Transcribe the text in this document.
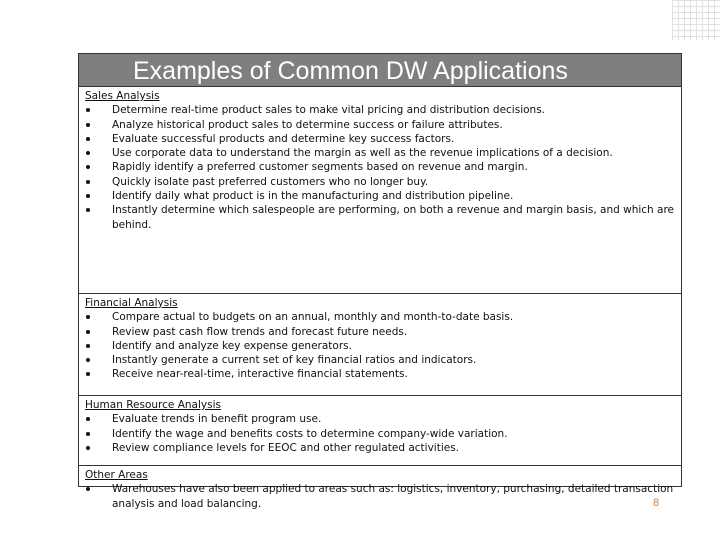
Examples of Common DW Applications
Sales Analysis
Determine real-time product sales to make vital pricing and distribution decisions.
Analyze historical product sales to determine success or failure attributes.
Evaluate successful products and determine key success factors.
Use corporate data to understand the margin as well as the revenue implications of a decision.
Rapidly identify a preferred customer segments based on revenue and margin.
Quickly isolate past preferred customers who no longer buy.
Identify daily what product is in the manufacturing and distribution pipeline.
Instantly determine which salespeople are performing, on both a revenue and margin basis, and which are behind.
Financial Analysis
Compare actual to budgets on an annual, monthly and month-to-date basis.
Review past cash flow trends and forecast future needs.
Identify and analyze key expense generators.
Instantly generate a current set of key financial ratios and indicators.
Receive near-real-time, interactive financial statements.
Human Resource Analysis
Evaluate trends in benefit program use.
Identify the wage and benefits costs to determine company-wide variation.
Review compliance levels for EEOC and other regulated activities.
Other Areas
Warehouses have also been applied to areas such as: logistics, inventory, purchasing, detailed transaction analysis and load balancing.	8
